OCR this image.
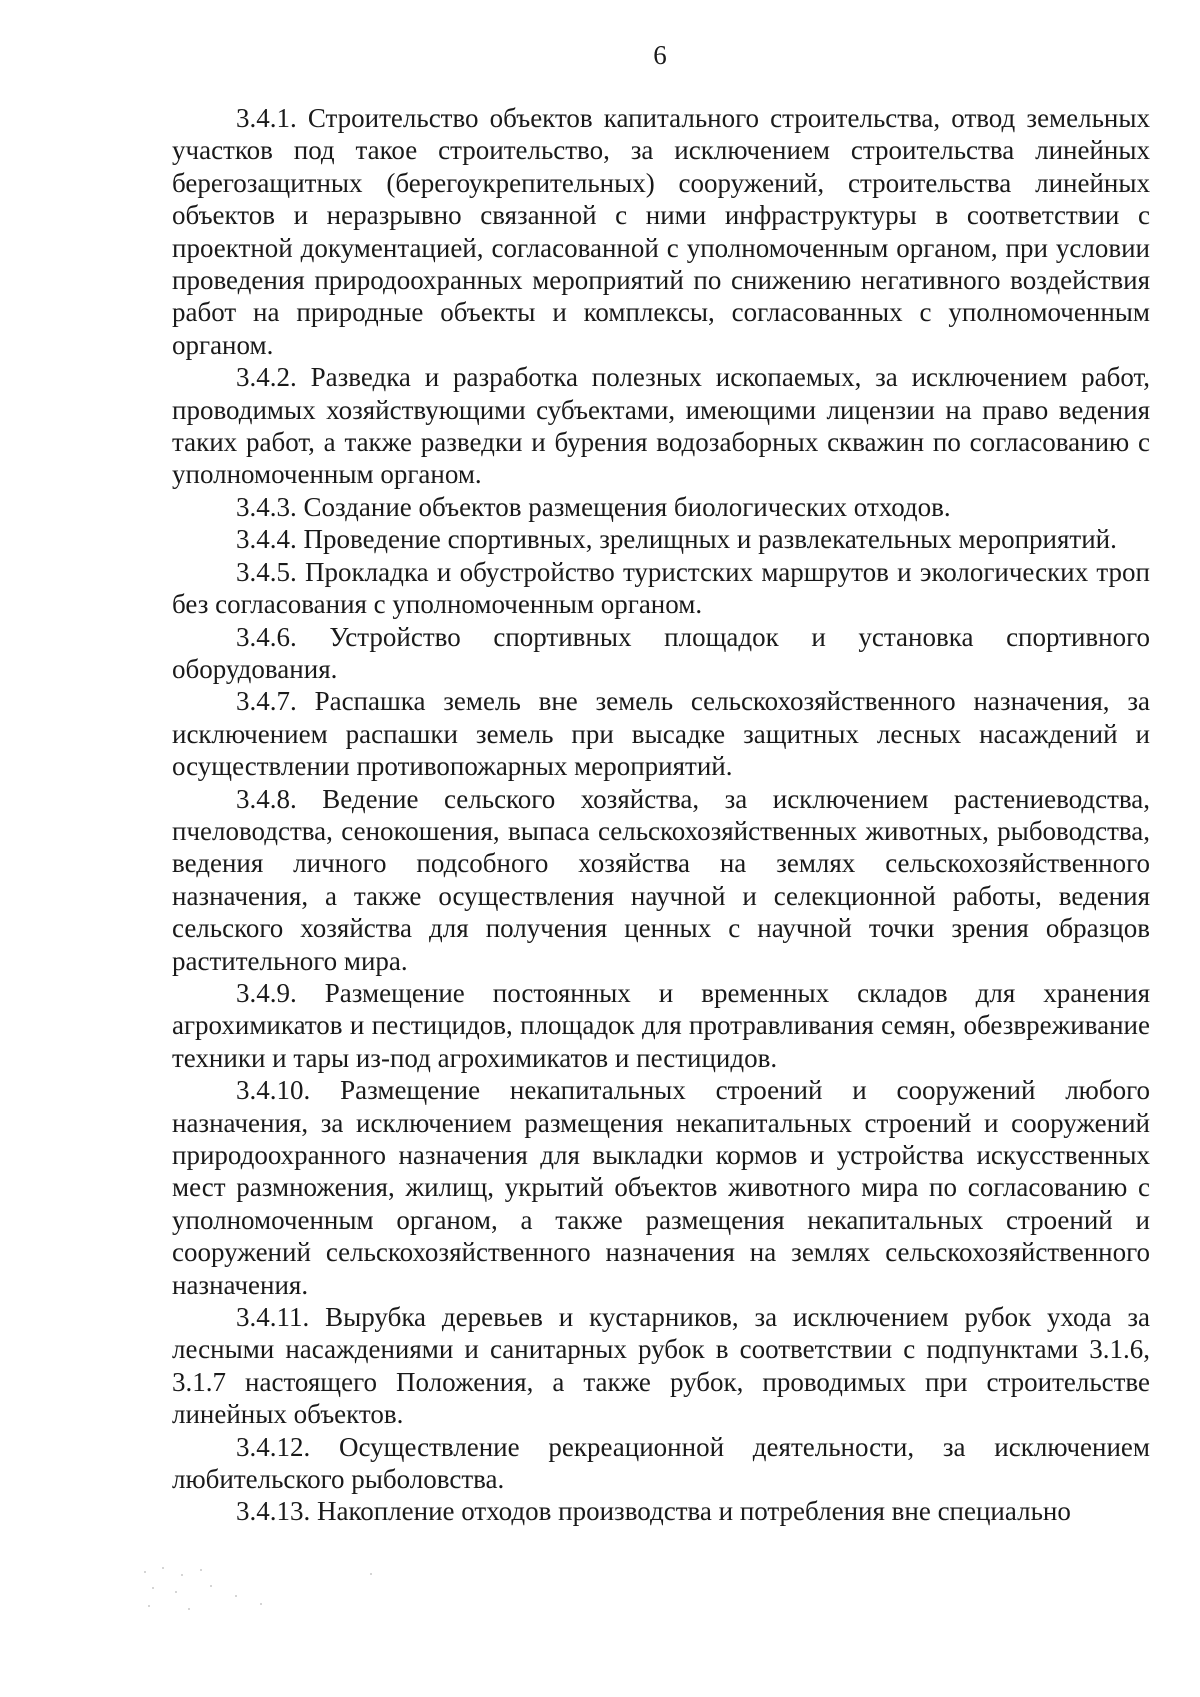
6

3.4.1. Строительство объектов капитального строительства, отвод земельных участков под такое строительство, за исключением строительства линейных берегозащитных (берегоукрепительных) сооружений, строительства линейных объектов и неразрывно связанной с ними инфраструктуры в соответствии с проектной документацией, согласованной с уполномоченным органом, при условии проведения природоохранных мероприятий по снижению негативного воздействия работ на природные объекты и комплексы, согласованных с уполномоченным органом.

3.4.2. Разведка и разработка полезных ископаемых, за исключением работ, проводимых хозяйствующими субъектами, имеющими лицензии на право ведения таких работ, а также разведки и бурения водозаборных скважин по согласованию с уполномоченным органом.

3.4.3. Создание объектов размещения биологических отходов.

3.4.4. Проведение спортивных, зрелищных и развлекательных мероприятий.

3.4.5. Прокладка и обустройство туристских маршрутов и экологических троп без согласования с уполномоченным органом.

3.4.6. Устройство спортивных площадок и установка спортивного оборудования.

3.4.7. Распашка земель вне земель сельскохозяйственного назначения, за исключением распашки земель при высадке защитных лесных насаждений и осуществлении противопожарных мероприятий.

3.4.8. Ведение сельского хозяйства, за исключением растениеводства, пчеловодства, сенокошения, выпаса сельскохозяйственных животных, рыбоводства, ведения личного подсобного хозяйства на землях сельскохозяйственного назначения, а также осуществления научной и селекционной работы, ведения сельского хозяйства для получения ценных с научной точки зрения образцов растительного мира.

3.4.9. Размещение постоянных и временных складов для хранения агрохимикатов и пестицидов, площадок для протравливания семян, обезвреживание техники и тары из-под агрохимикатов и пестицидов.

3.4.10. Размещение некапитальных строений и сооружений любого назначения, за исключением размещения некапитальных строений и сооружений природоохранного назначения для выкладки кормов и устройства искусственных мест размножения, жилищ, укрытий объектов животного мира по согласованию с уполномоченным органом, а также размещения некапитальных строений и сооружений сельскохозяйственного назначения на землях сельскохозяйственного назначения.

3.4.11. Вырубка деревьев и кустарников, за исключением рубок ухода за лесными насаждениями и санитарных рубок в соответствии с подпунктами 3.1.6, 3.1.7 настоящего Положения, а также рубок, проводимых при строительстве линейных объектов.

3.4.12. Осуществление рекреационной деятельности, за исключением любительского рыболовства.

3.4.13. Накопление отходов производства и потребления вне специально
